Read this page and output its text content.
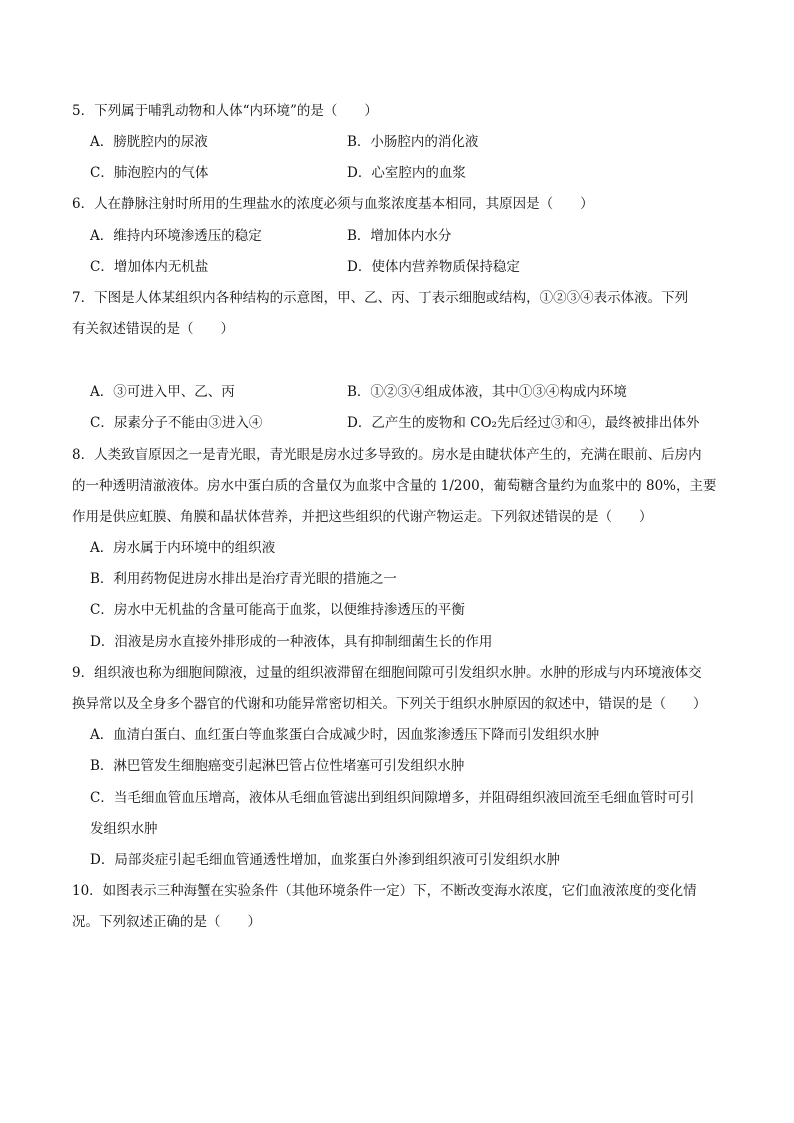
5．下列属于哺乳动物和人体“内环境”的是（　　）
A．膀胱腔内的尿液	B．小肠腔内的消化液
C．肺泡腔内的气体	D．心室腔内的血浆
6．人在静脉注射时所用的生理盐水的浓度必须与血浆浓度基本相同，其原因是（　　）
A．维持内环境渗透压的稳定	B．增加体内水分
C．增加体内无机盐	D．使体内营养物质保持稳定
7．下图是人体某组织内各种结构的示意图，甲、乙、丙、丁表示细胞或结构，①②③④表示体液。下列
有关叙述错误的是（　　）
A．③可进入甲、乙、丙	B．①②③④组成体液，其中①③④构成内环境
C．尿素分子不能由③进入④	D．乙产生的废物和 CO₂先后经过③和④，最终被排出体外
8．人类致盲原因之一是青光眼，青光眼是房水过多导致的。房水是由睫状体产生的，充满在眼前、后房内
的一种透明清澈液体。房水中蛋白质的含量仅为血浆中含量的 1/200，葡萄糖含量约为血浆中的 80%，主要
作用是供应虹膜、角膜和晶状体营养，并把这些组织的代谢产物运走。下列叙述错误的是（　　）
A．房水属于内环境中的组织液
B．利用药物促进房水排出是治疗青光眼的措施之一
C．房水中无机盐的含量可能高于血浆，以便维持渗透压的平衡
D．泪液是房水直接外排形成的一种液体，具有抑制细菌生长的作用
9．组织液也称为细胞间隙液，过量的组织液滞留在细胞间隙可引发组织水肿。水肿的形成与内环境液体交
换异常以及全身多个器官的代谢和功能异常密切相关。下列关于组织水肿原因的叙述中，错误的是（　　）
A．血清白蛋白、血红蛋白等血浆蛋白合成减少时，因血浆渗透压下降而引发组织水肿
B．淋巴管发生细胞癌变引起淋巴管占位性堵塞可引发组织水肿
C．当毛细血管血压增高，液体从毛细血管滤出到组织间隙增多，并阻碍组织液回流至毛细血管时可引
发组织水肿
D．局部炎症引起毛细血管通透性增加，血浆蛋白外渗到组织液可引发组织水肿
10．如图表示三种海蟹在实验条件（其他环境条件一定）下，不断改变海水浓度，它们血液浓度的变化情
况。下列叙述正确的是（　　）
